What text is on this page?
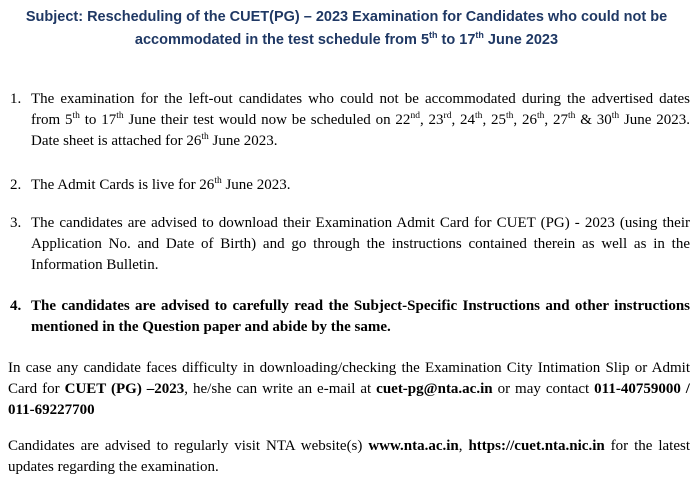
Subject: Rescheduling of the CUET(PG) – 2023 Examination for Candidates who could not be
accommodated in the test schedule from 5th to 17th June 2023
1. The examination for the left-out candidates who could not be accommodated during the advertised dates from 5th to 17th June their test would now be scheduled on 22nd, 23rd, 24th, 25th, 26th, 27th & 30th June 2023. Date sheet is attached for 26th June 2023.
2. The Admit Cards is live for 26th June 2023.
3. The candidates are advised to download their Examination Admit Card for CUET (PG) - 2023 (using their Application No. and Date of Birth) and go through the instructions contained therein as well as in the Information Bulletin.
4. The candidates are advised to carefully read the Subject-Specific Instructions and other instructions mentioned in the Question paper and abide by the same.
In case any candidate faces difficulty in downloading/checking the Examination City Intimation Slip or Admit Card for CUET (PG) –2023, he/she can write an e-mail at cuet-pg@nta.ac.in or may contact 011-40759000 / 011-69227700
Candidates are advised to regularly visit NTA website(s) www.nta.ac.in, https://cuet.nta.nic.in for the latest updates regarding the examination.
